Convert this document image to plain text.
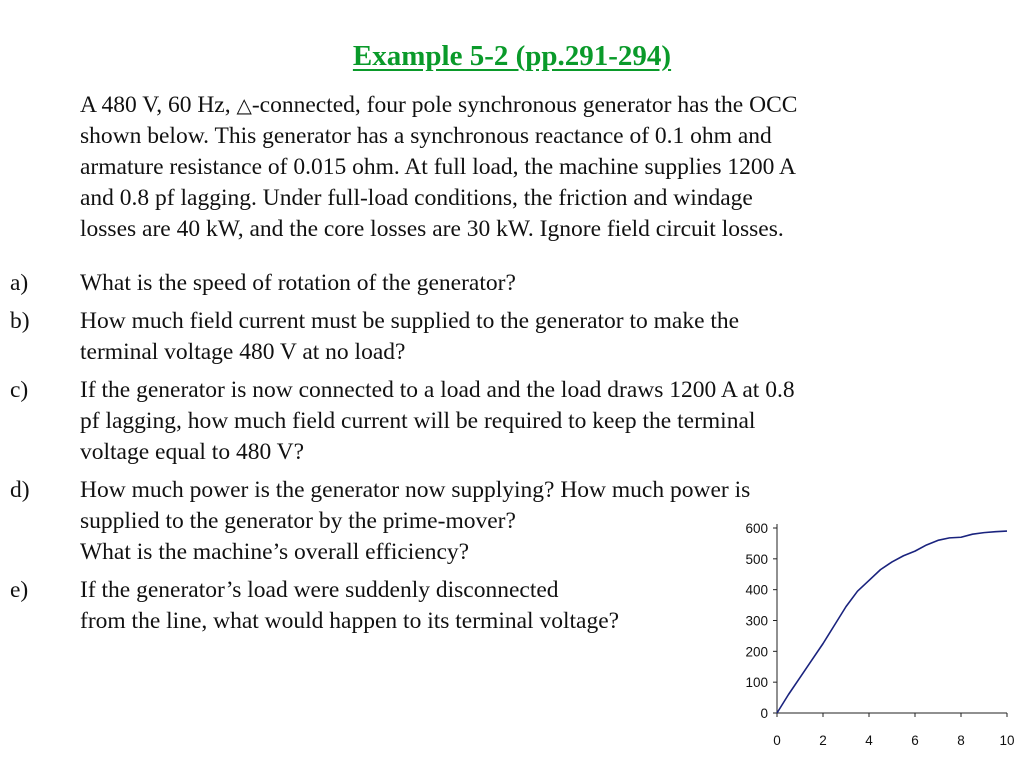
Example 5-2 (pp.291-294)
A 480 V, 60 Hz, △-connected, four pole synchronous generator has the OCC
shown below. This generator has a synchronous reactance of 0.1 ohm and
armature resistance of 0.015 ohm. At full load, the machine supplies 1200 A
and 0.8 pf lagging. Under full-load conditions, the friction and windage
losses are 40 kW, and the core losses are 30 kW. Ignore field circuit losses.
a)	What is the speed of rotation of the generator?
b)	How much field current must be supplied to the generator to make the
terminal voltage 480 V at no load?
c)	If the generator is now connected to a load and the load draws 1200 A at 0.8
pf lagging, how much field current will be required to keep the terminal
voltage equal to 480 V?
d)	How much power is the generator now supplying? How much power is
supplied to the generator by the prime-mover?
What is the machine’s overall efficiency?
e)	If the generator’s load were suddenly disconnected
from the line, what would happen to its terminal voltage?
0
100
200
300
400
500
600
0	2	4	6	8	10
